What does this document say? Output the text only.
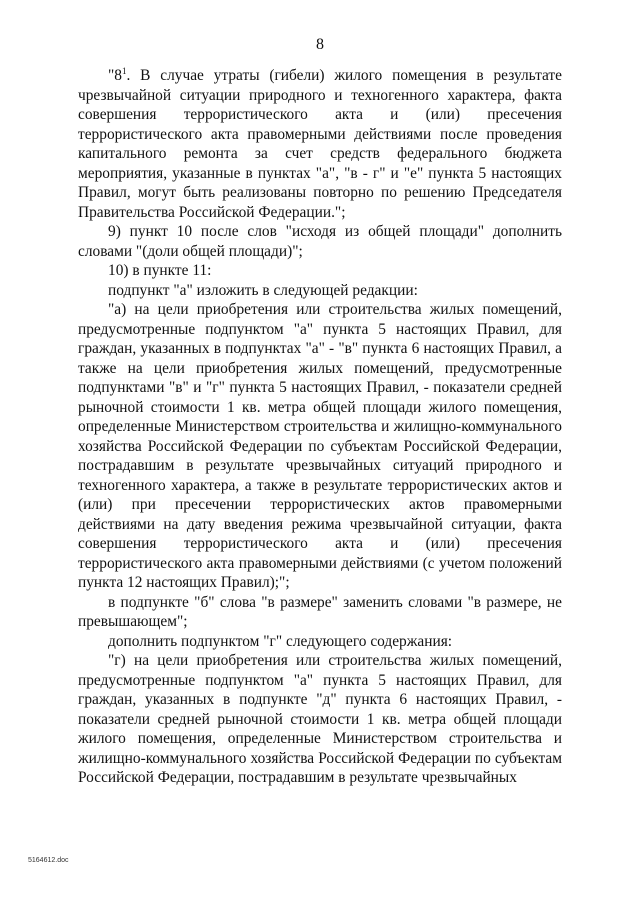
8

"$8^1$. В случае утраты (гибели) жилого помещения в результате чрезвычайной ситуации природного и техногенного характера, факта совершения террористического акта и (или) пресечения террористического акта правомерными действиями после проведения капитального ремонта за счет средств федерального бюджета мероприятия, указанные в пунктах "а", "в - г" и "е" пункта 5 настоящих Правил, могут быть реализованы повторно по решению Председателя Правительства Российской Федерации.";

9) пункт 10 после слов "исходя из общей площади" дополнить словами "(доли общей площади)";

10) в пункте 11:

подпункт "а" изложить в следующей редакции:

"а) на цели приобретения или строительства жилых помещений, предусмотренные подпунктом "а" пункта 5 настоящих Правил, для граждан, указанных в подпунктах "а" - "в" пункта 6 настоящих Правил, а также на цели приобретения жилых помещений, предусмотренные подпунктами "в" и "г" пункта 5 настоящих Правил, - показатели средней рыночной стоимости 1 кв. метра общей площади жилого помещения, определенные Министерством строительства и жилищно-коммунального хозяйства Российской Федерации по субъектам Российской Федерации, пострадавшим в результате чрезвычайных ситуаций природного и техногенного характера, а также в результате террористических актов и (или) при пресечении террористических актов правомерными действиями на дату введения режима чрезвычайной ситуации, факта совершения террористического акта и (или) пресечения террористического акта правомерными действиями (с учетом положений пункта 12 настоящих Правил);";

в подпункте "б" слова "в размере" заменить словами "в размере, не превышающем";

дополнить подпунктом "г" следующего содержания:

"г) на цели приобретения или строительства жилых помещений, предусмотренные подпунктом "а" пункта 5 настоящих Правил, для граждан, указанных в подпункте "д" пункта 6 настоящих Правил, - показатели средней рыночной стоимости 1 кв. метра общей площади жилого помещения, определенные Министерством строительства и жилищно-коммунального хозяйства Российской Федерации по субъектам Российской Федерации, пострадавшим в результате чрезвычайных

5164612.doc
